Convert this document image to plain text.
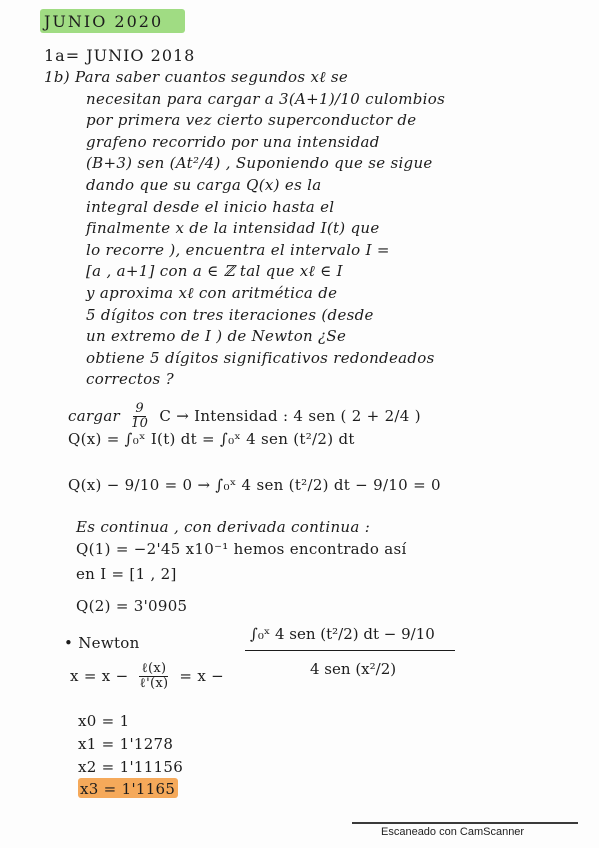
JUNIO 2020
1a= JUNIO 2018
1b) Para saber cuantos segundos xℓ se
necesitan para cargar a 3(A+1)/10 culombios
por primera vez cierto superconductor de
grafeno recorrido por una intensidad
(B+3) sen (At²/4) , Suponiendo que se sigue
dando que su carga Q(x) es la
integral desde el inicio hasta el
finalmente x de la intensidad I(t) que
lo recorre ), encuentra el intervalo I =
[a , a+1] con a ∈ ℤ tal que xℓ ∈ I
y aproxima xℓ con aritmética de
5 dígitos con tres iteraciones (desde
un extremo de I ) de Newton ¿Se
obtiene 5 dígitos significativos redondeados
correctos ?
cargar $\frac{9}{10}$ C → Intensidad : 4 sen ( 2 + 2/4 )
Q(x) = ∫₀ˣ I(t) dt = ∫₀ˣ 4 sen (t²/2) dt
Q(x) − 9/10 = 0 → ∫₀ˣ 4 sen (t²/2) dt − 9/10 = 0
Es continua , con derivada continua :
Q(1) = −2'45 x10⁻¹ hemos encontrado así
en I = [1 , 2]
Q(2) = 3'0905
• Newton
$x = x - \frac{\text{ℓ(x)}}{\text{ℓ'(x)}} = x$ −
∫₀ˣ 4 sen (t²/2) dt − 9/10
4 sen (x²/2)
x0 = 1
x1 = 1'1278
x2 = 1'11156
x3 = 1'1165
Escaneado con CamScanner
